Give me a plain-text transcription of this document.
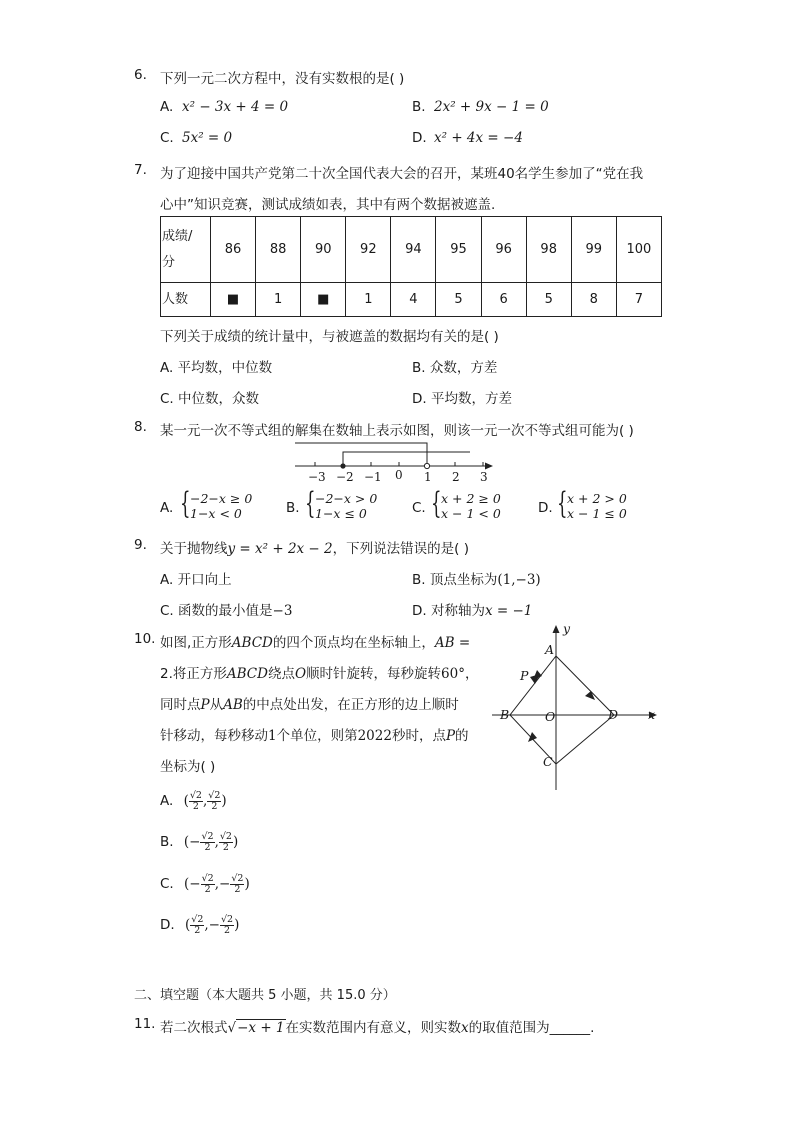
6. 下列一元二次方程中，没有实数根的是( )
A. x² − 3x + 4 = 0	B. 2x² + 9x − 1 = 0
C. 5x² = 0	D. x² + 4x = −4
7. 为了迎接中国共产党第二十次全国代表大会的召开，某班40名学生参加了“党在我
心中”知识竞赛，测试成绩如表，其中有两个数据被遮盖.
成绩/
分	86	88	90	92	94	95	96	98	99	100
人数	■	1	■	1	4	5	6	5	8	7
下列关于成绩的统计量中，与被遮盖的数据均有关的是( )
A. 平均数，中位数	B. 众数，方差
C. 中位数，众数	D. 平均数，方差
8. 某一元一次不等式组的解集在数轴上表示如图，则该一元一次不等式组可能为( )
−3 −2 −1 0 1 2 3
A. { −2−x ≥ 0
1−x < 0	B. { −2−x > 0
1−x ≤ 0	C. { x + 2 ≥ 0
x − 1 < 0	D. { x + 2 > 0
x − 1 ≤ 0
9. 关于抛物线y = x² + 2x − 2，下列说法错误的是( )
A. 开口向上	B. 顶点坐标为(1,−3)
C. 函数的最小值是−3	D. 对称轴为x = −1
10. 如图,正方形ABCD的四个顶点均在坐标轴上，AB =
2.将正方形ABCD绕点O顺时针旋转，每秒旋转60°，
同时点P从AB的中点处出发，在正方形的边上顺时
针移动，每秒移动1个单位，则第2022秒时，点P的
坐标为( )
y
A
P
B	O	D x
C
A. ( $\frac{√2}{2}$ , $\frac{√2}{2}$ )
B. (− $\frac{√2}{2}$ , $\frac{√2}{2}$ )
C. (− $\frac{√2}{2}$ ,− $\frac{√2}{2}$ )
D. ( $\frac{√2}{2}$ ,− $\frac{√2}{2}$ )
二、填空题（本大题共 5 小题，共 15.0 分）
11. 若二次根式√−x + 1在实数范围内有意义，则实数x的取值范围为______.
